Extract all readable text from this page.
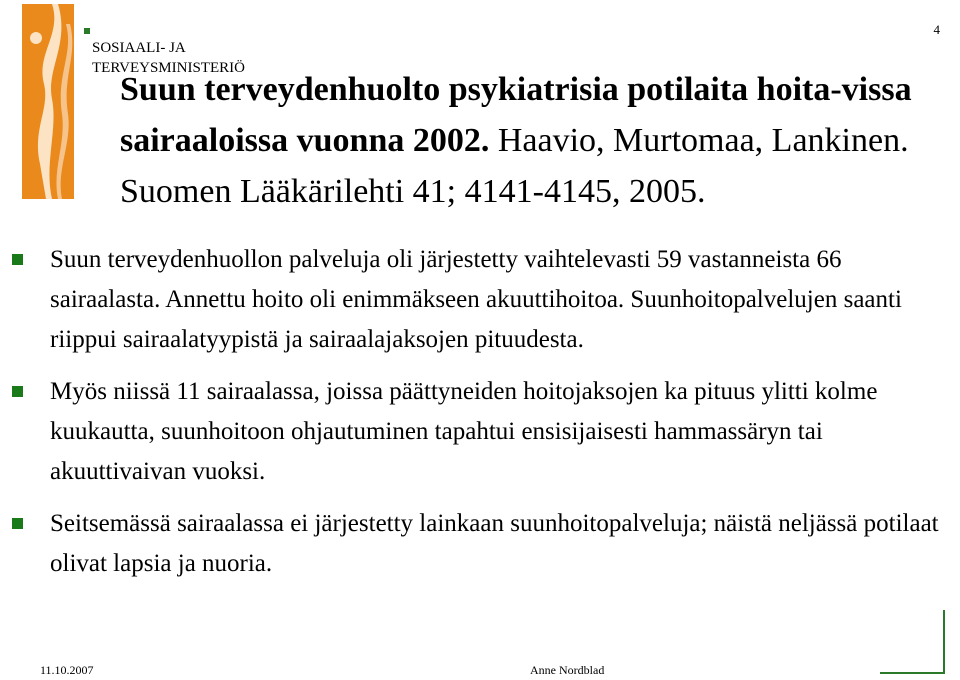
SOSIAALI- JA
TERVEYSMINISTERIÖ
4
Suun terveydenhuolto psykiatrisia potilaita hoita-vissa sairaaloissa vuonna 2002. Haavio, Murtomaa, Lankinen. Suomen Lääkärilehti 41; 4141-4145, 2005.
Suun terveydenhuollon palveluja oli järjestetty vaihtelevasti 59 vastanneista 66 sairaalasta. Annettu hoito oli enimmäkseen akuuttihoitoa. Suunhoitopalvelujen saanti riippui sairaalatyypistä ja sairaalajaksojen pituudesta.
Myös niissä 11 sairaalassa, joissa päättyneiden hoitojaksojen ka pituus ylitti kolme kuukautta, suunhoitoon ohjautuminen tapahtui ensisijaisesti hammassäryn tai akuuttivaivan vuoksi.
Seitsemässä sairaalassa ei järjestetty lainkaan suunhoitopalveluja; näistä neljässä potilaat olivat lapsia ja nuoria.
11.10.2007	Anne Nordblad
